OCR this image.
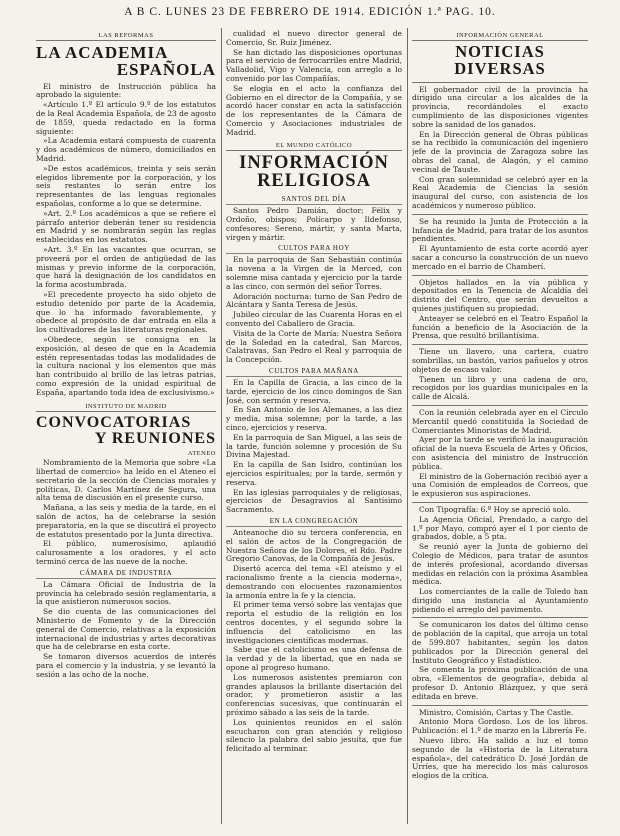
A B C. LUNES 23 DE FEBRERO DE 1914. EDICIÓN 1.ª PAG. 10.
LAS REFORMAS
LA ACADEMIA
ESPAÑOLA

El ministro de Instrucción pública ha aprobado la siguiente:

«Artículo 1.º El artículo 9.º de los estatutos de la Real Academia Española, de 23 de agosto de 1859, queda redactado en la forma siguiente:

»La Academia estará compuesta de cuarenta y dos académicos de número, domiciliados en Madrid.

»De estos académicos, treinta y seis serán elegidos libremente por la corporación, y los seis restantes lo serán entre los representantes de las lenguas regionales españolas, conforme a lo que se determine.

»Art. 2.º Los académicos a que se refiere el párrafo anterior deberán tener su residencia en Madrid y se nombrarán según las reglas establecidas en los estatutos.

»Art. 3.º En las vacantes que ocurran, se proveerá por el orden de antigüedad de las mismas y previo informe de la corporación, que hará la designación de los candidatos en la forma acostumbrada.

»El precedente proyecto ha sido objeto de estudio detenido por parte de la Academia, que lo ha informado favorablemente, y obedece al propósito de dar entrada en ella a los cultivadores de las literaturas regionales.

»Obedece, según se consigna en la exposición, al deseo de que en la Academia estén representadas todas las modalidades de la cultura nacional y los elementos que más han contribuido al brillo de las letras patrias, como expresión de la unidad espiritual de España, apartando toda idea de exclusivismo.»

INSTITUTO DE MADRID
CONVOCATORIAS
Y REUNIONES
ATENEO

Nombramiento de la Memoria que sobre «La libertad de comercio» ha leído en el Ateneo el secretario de la sección de Ciencias morales y políticas, D. Carlos Martínez de Segura, una alta tema de discusión en el presente curso.

Mañana, a las seis y media de la tarde, en el salón de actos, ha de celebrarse la sesión preparatoria, en la que se discutirá el proyecto de estatutos presentado por la Junta directiva.

El público, numerosísimo, aplaudió calurosamente a los oradores, y el acto terminó cerca de las nueve de la noche.

CÁMARA DE INDUSTRIA

La Cámara Oficial de Industria de la provincia ha celebrado sesión reglamentaria, a la que asistieron numerosos socios.

Se dio cuenta de las comunicaciones del Ministerio de Fomento y de la Dirección general de Comercio, relativas a la exposición internacional de industrias y artes decorativas que ha de celebrarse en esta corte.

Se tomaron diversos acuerdos de interés para el comercio y la industria, y se levantó la sesión a las ocho de la noche.

cualidad el nuevo director general de Comercio, Sr. Ruiz Jiménez.

Se han dictado las disposiciones oportunas para el servicio de ferrocarriles entre Madrid, Valladolid, Vigo y Valencia, con arreglo a lo convenido por las Compañías.

Se elogia en el acto la confianza del Gobierno en el director de la Compañía, y se acordó hacer constar en acta la satisfacción de los representantes de la Cámara de Comercio y Asociaciones industriales de Madrid.

EL MUNDO CATÓLICO
INFORMACIÓN
RELIGIOSA
SANTOS DEL DÍA

Santos Pedro Damián, doctor; Félix y Ordoño, obispos; Polícarpo y Ildefonso, confesores; Sereno, mártir, y santa Marta, virgen y mártir.

CULTOS PARA HOY

En la parroquia de San Sebastián continúa la novena a la Virgen de la Merced, con solemne misa cantada y ejercicio por la tarde a las cinco, con sermón del señor Torres.

Adoración nocturna: turno de San Pedro de Alcántara y Santa Teresa de Jesús.

Jubileo circular de las Cuarenta Horas en el convento del Caballero de Gracia.

Visita de la Corte de María: Nuestra Señora de la Soledad en la catedral, San Marcos, Calatravas, San Pedro el Real y parroquia de la Concepción.

CULTOS PARA MAÑANA

En la Capilla de Gracia, a las cinco de la tarde, ejercicio de los cinco domingos de San José, con sermón y reserva.

En San Antonio de los Alemanes, a las diez y media, misa solemne; por la tarde, a las cinco, ejercicios y reserva.

En la parroquia de San Miguel, a las seis de la tarde, función solemne y procesión de Su Divina Majestad.

En la capilla de San Isidro, continúan los ejercicios espirituales; por la tarde, sermón y reserva.

En las iglesias parroquiales y de religiosas, ejercicios de Desagravios al Santísimo Sacramento.

EN LA CONGREGACIÓN

Anteanoche dio su tercera conferencia, en el salón de actos de la Congregación de Nuestra Señora de los Dolores, el Rdo. Padre Gregorio Canovas, de la Compañía de Jesús.

Disertó acerca del tema «El ateísmo y el racionalismo frente a la ciencia moderna», demostrando con elocuentes razonamientos la armonía entre la fe y la ciencia.

El primer tema versó sobre las ventajas que reporta el estudio de la religión en los centros docentes, y el segundo sobre la influencia del catolicismo en las investigaciones científicas modernas.

Sabe que el catolicismo es una defensa de la verdad y de la libertad, que en nada se opone al progreso humano.

Los numerosos asistentes premiaron con grandes aplausos la brillante disertación del orador, y prometieron asistir a las conferencias sucesivas, que continuarán el próximo sábado a las seis de la tarde.

Los quinientos reunidos en el salón escucharon con gran atención y religioso silencio la palabra del sabio jesuita, que fue felicitado al terminar.

INFORMACIÓN GENERAL
NOTICIAS DIVERSAS

El gobernador civil de la provincia ha dirigido una circular a los alcaldes de la provincia, recordándoles el exacto cumplimiento de las disposiciones vigentes sobre la sanidad de los ganados.

En la Dirección general de Obras públicas se ha recibido la comunicación del ingeniero jefe de la provincia de Zaragoza sobre las obras del canal, de Alagón, y el camino vecinal de Tauste.

Con gran solemnidad se celebró ayer en la Real Academia de Ciencias la sesión inaugural del curso, con asistencia de los académicos y numeroso público.

Se ha reunido la Junta de Protección a la Infancia de Madrid, para tratar de los asuntos pendientes.

El Ayuntamiento de esta corte acordó ayer sacar a concurso la construcción de un nuevo mercado en el barrio de Chamberí.

Objetos hallados en la vía pública y depositados en la Tenencia de Alcaldía del distrito del Centro, que serán devueltos a quienes justifiquen su propiedad.

Anteayer se celebró en el Teatro Español la función a beneficio de la Asociación de la Prensa, que resultó brillantísima.

Tiene un llavero, una cartera, cuatro sombrillas, un bastón, varios pañuelos y otros objetos de escaso valor.

Tienen un libro y una cadena de oro, recogidos por los guardias municipales en la calle de Alcalá.

Con la reunión celebrada ayer en el Círculo Mercantil quedó constituida la Sociedad de Comerciantes Minoristas de Madrid.

Ayer por la tarde se verificó la inauguración oficial de la nueva Escuela de Artes y Oficios, con asistencia del ministro de Instrucción pública.

El ministro de la Gobernación recibió ayer a una Comisión de empleados de Correos, que le expusieron sus aspiraciones.

Con Tipografía: 6.º Hoy se apreció solo.

La Agencia Oficial, Prendado, a cargo del 1.º por Mayo, compró ayer el 1 por ciento de grabados, doble, a 5 pta.

Se reunió ayer la Junta de gobierno del Colegio de Médicos, para tratar de asuntos de interés profesional, acordando diversas medidas en relación con la próxima Asamblea médica.

Los comerciantes de la calle de Toledo han dirigido una instancia al Ayuntamiento pidiendo el arreglo del pavimento.

Se comunicaron los datos del último censo de población de la capital, que arroja un total de 599.807 habitantes, según los datos publicados por la Dirección general del Instituto Geográfico y Estadístico.

Se comenta la próxima publicación de una obra, «Elementos de geografía», debida al profesor D. Antonio Blázquez, y que será editada en breve.

Ministro, Comisión, Cartas y The Castle.

Antonio Mora Gordoso. Los de los libros. Publicación: el 1.º de marzo en la Librería Fe.

Nuevo libro. Ha salido a luz el tomo segundo de la «Historia de la Literatura española», del catedrático D. José Jordán de Urríes, que ha merecido los más calurosos elogios de la crítica.
